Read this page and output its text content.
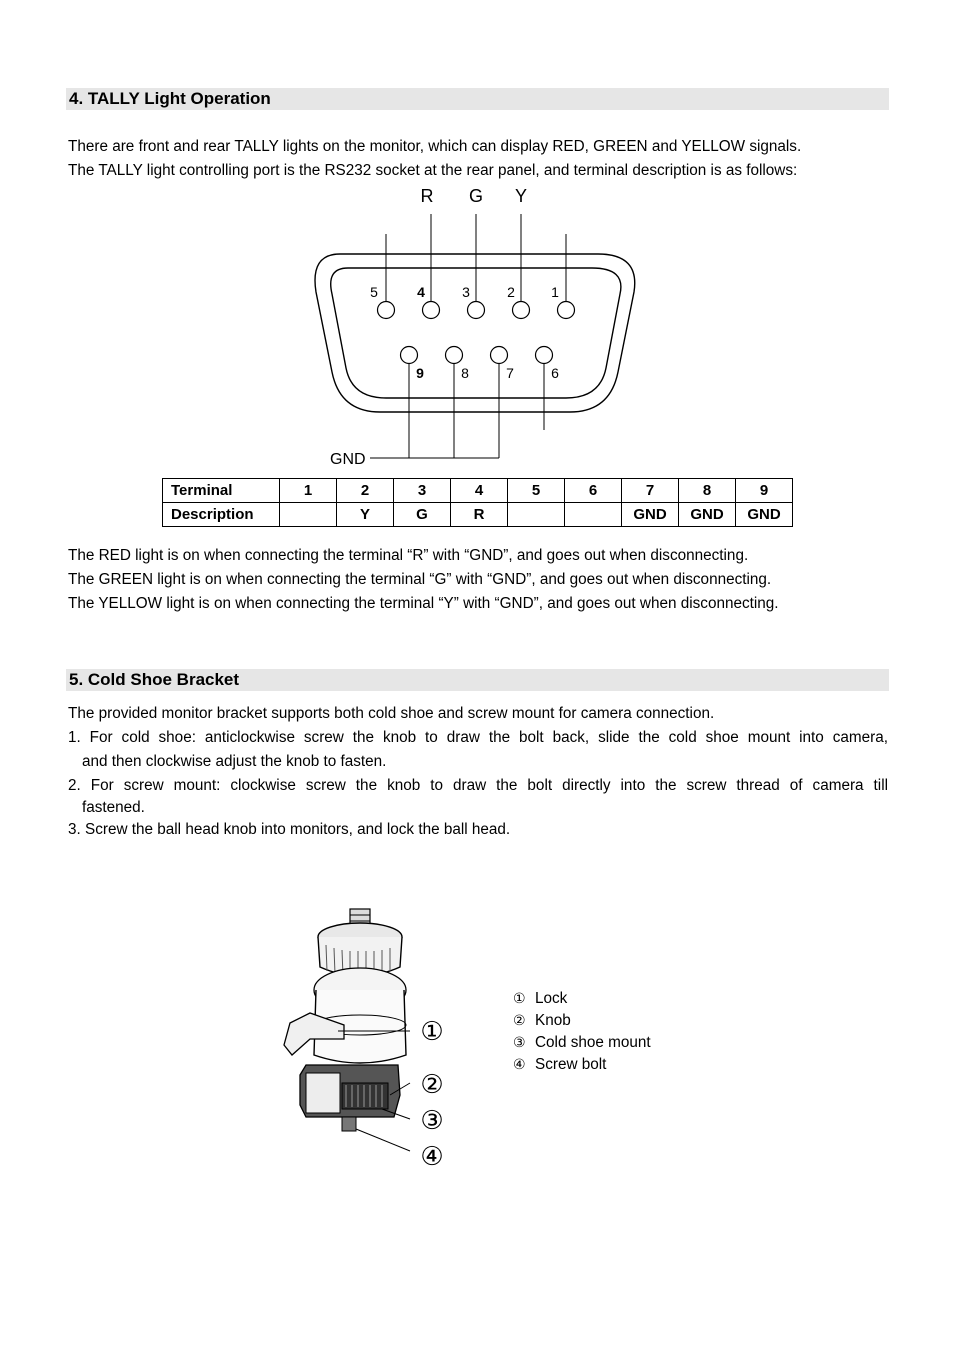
4. TALLY Light Operation

There are front and rear TALLY lights on the monitor, which can display RED, GREEN and YELLOW signals.

The TALLY light controlling port is the RS232 socket at the rear panel, and terminal description is as follows:

R G Y
5	4	3	2	1
9	8	7	6
GND
Terminal	1	2	3	4	5	6	7	8	9
Description		Y	G	R			GND	GND	GND

The RED light is on when connecting the terminal “R” with “GND”, and goes out when disconnecting.

The GREEN light is on when connecting the terminal “G” with “GND”, and goes out when disconnecting.

The YELLOW light is on when connecting the terminal “Y” with “GND”, and goes out when disconnecting.

5. Cold Shoe Bracket

The provided monitor bracket supports both cold shoe and screw mount for camera connection.

1. For cold shoe: anticlockwise screw the knob to draw the bolt back, slide the cold shoe mount into camera,

and then clockwise adjust the knob to fasten.

2. For screw mount: clockwise screw the knob to draw the bolt directly into the screw thread of camera till

fastened.

3. Screw the ball head knob into monitors, and lock the ball head.

①
②
③
④
① Lock
② Knob
③ Cold shoe mount
④ Screw bolt
